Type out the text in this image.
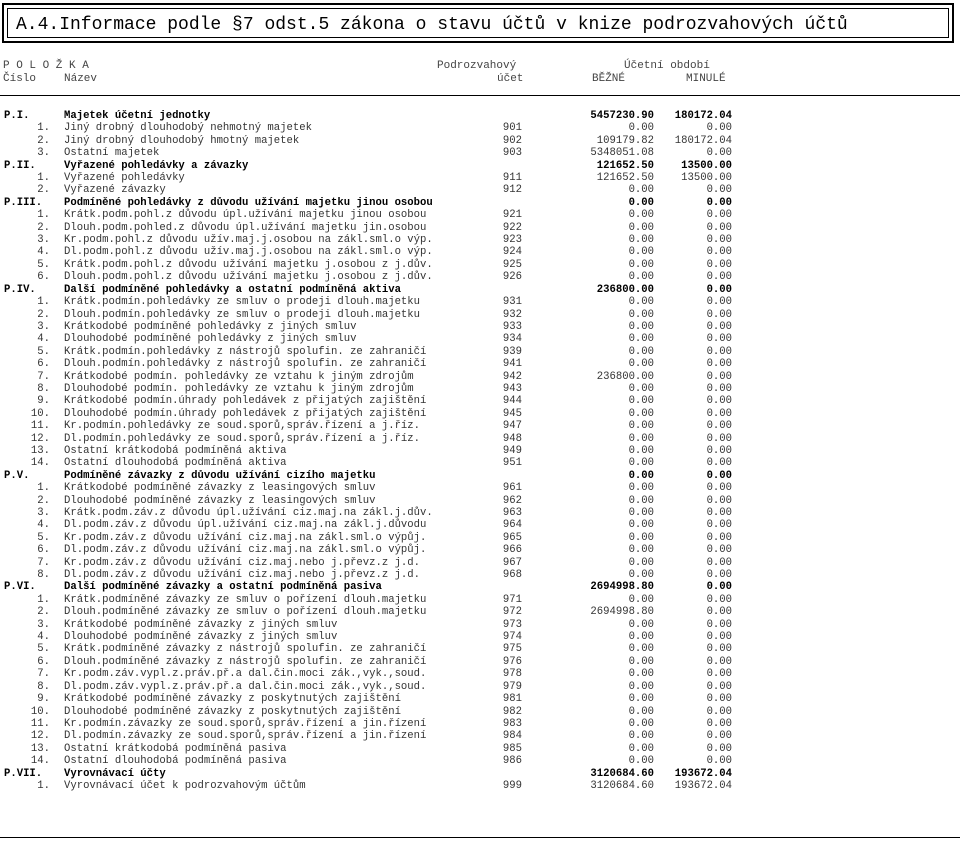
A.4.Informace podle §7 odst.5 zákona o stavu účtů v knize podrozvahových účtů
P O L O Ž K A
Číslo	Název
Podrozvahový
účet
Účetní období
BĚŽNÉ	MINULÉ
P.I.	Majetek účetní jednotky	5457230.90 180172.04
1. Jiný drobný dlouhodobý nehmotný majetek	901	0.00	0.00
2. Jiný drobný dlouhodobý hmotný majetek	902	109179.82 180172.04
3. Ostatní majetek	903	5348051.08	0.00
P.II.	Vyřazené pohledávky a závazky	121652.50	13500.00
1. Vyřazené pohledávky	911	121652.50	13500.00
2. Vyřazené závazky	912	0.00	0.00
P.III. Podmíněné pohledávky z důvodu užívání majetku jinou osobou	0.00	0.00
1. Krátk.podm.pohl.z důvodu úpl.užívání majetku jinou osobou	921	0.00	0.00
2. Dlouh.podm.pohled.z důvodu úpl.užívání majetku jin.osobou	922	0.00	0.00
3. Kr.podm.pohl.z důvodu užív.maj.j.osobou na zákl.sml.o výp.	923	0.00	0.00
4. Dl.podm.pohl.z důvodu užív.maj.j.osobou na zákl.sml.o výp.	924	0.00	0.00
5. Krátk.podm.pohl.z důvodu užívání majetku j.osobou z j.dův.	925	0.00	0.00
6. Dlouh.podm.pohl.z důvodu užívání majetku j.osobou z j.dův.	926	0.00	0.00
P.IV.	Další podmíněné pohledávky a ostatní podmíněná aktiva	236800.00	0.00
1. Krátk.podmín.pohledávky ze smluv o prodeji dlouh.majetku	931	0.00	0.00
2. Dlouh.podmín.pohledávky ze smluv o prodeji dlouh.majetku	932	0.00	0.00
3. Krátkodobé podmíněné pohledávky z jiných smluv	933	0.00	0.00
4. Dlouhodobé podmíněné pohledávky z jiných smluv	934	0.00	0.00
5. Krátk.podmín.pohledávky z nástrojů spolufin. ze zahraničí	939	0.00	0.00
6. Dlouh.podmín.pohledávky z nástrojů spolufin. ze zahraničí	941	0.00	0.00
7. Krátkodobé podmín. pohledávky ze vztahu k jiným zdrojům	942	236800.00	0.00
8. Dlouhodobé podmín. pohledávky ze vztahu k jiným zdrojům	943	0.00	0.00
9. Krátkodobé podmín.úhrady pohledávek z přijatých zajištění	944	0.00	0.00
10. Dlouhodobé podmín.úhrady pohledávek z přijatých zajištění	945	0.00	0.00
11. Kr.podmín.pohledávky ze soud.sporů,správ.řízení a j.říz.	947	0.00	0.00
12. Dl.podmín.pohledávky ze soud.sporů,správ.řízení a j.říz.	948	0.00	0.00
13. Ostatní krátkodobá podmíněná aktiva	949	0.00	0.00
14. Ostatní dlouhodobá podmíněná aktiva	951	0.00	0.00
P.V.	Podmíněné závazky z důvodu užívání cizího majetku	0.00	0.00
1. Krátkodobé podmíněné závazky z leasingových smluv	961	0.00	0.00
2. Dlouhodobé podmíněné závazky z leasingových smluv	962	0.00	0.00
3. Krátk.podm.záv.z důvodu úpl.užívání ciz.maj.na zákl.j.dův.	963	0.00	0.00
4. Dl.podm.záv.z důvodu úpl.užívání ciz.maj.na zákl.j.důvodu	964	0.00	0.00
5. Kr.podm.záv.z důvodu užívání ciz.maj.na zákl.sml.o výpůj.	965	0.00	0.00
6. Dl.podm.záv.z důvodu užívání ciz.maj.na zákl.sml.o výpůj.	966	0.00	0.00
7. Kr.podm.záv.z důvodu užívání ciz.maj.nebo j.převz.z j.d.	967	0.00	0.00
8. Dl.podm.záv.z důvodu užívání ciz.maj.nebo j.převz.z j.d.	968	0.00	0.00
P.VI.	Další podmíněné závazky a ostatní podmíněná pasiva	2694998.80	0.00
1. Krátk.podmíněné závazky ze smluv o pořízení dlouh.majetku	971	0.00	0.00
2. Dlouh.podmíněné závazky ze smluv o pořízení dlouh.majetku	972	2694998.80	0.00
3. Krátkodobé podmíněné závazky z jiných smluv	973	0.00	0.00
4. Dlouhodobé podmíněné závazky z jiných smluv	974	0.00	0.00
5. Krátk.podmíněné závazky z nástrojů spolufin. ze zahraničí	975	0.00	0.00
6. Dlouh.podmíněné závazky z nástrojů spolufin. ze zahraničí	976	0.00	0.00
7. Kr.podm.záv.vypl.z.práv.př.a dal.čin.moci zák.,vyk.,soud.	978	0.00	0.00
8. Dl.podm.záv.vypl.z.práv.př.a dal.čin.moci zák.,vyk.,soud.	979	0.00	0.00
9. Krátkodobé podmíněné závazky z poskytnutých zajištění	981	0.00	0.00
10. Dlouhodobé podmíněné závazky z poskytnutých zajištění	982	0.00	0.00
11. Kr.podmín.závazky ze soud.sporů,správ.řízení a jin.řízení	983	0.00	0.00
12. Dl.podmín.závazky ze soud.sporů,správ.řízení a jin.řízení	984	0.00	0.00
13. Ostatní krátkodobá podmíněná pasiva	985	0.00	0.00
14. Ostatní dlouhodobá podmíněná pasiva	986	0.00	0.00
P.VII. Vyrovnávací účty	3120684.60 193672.04
1. Vyrovnávací účet k podrozvahovým účtům	999	3120684.60 193672.04
